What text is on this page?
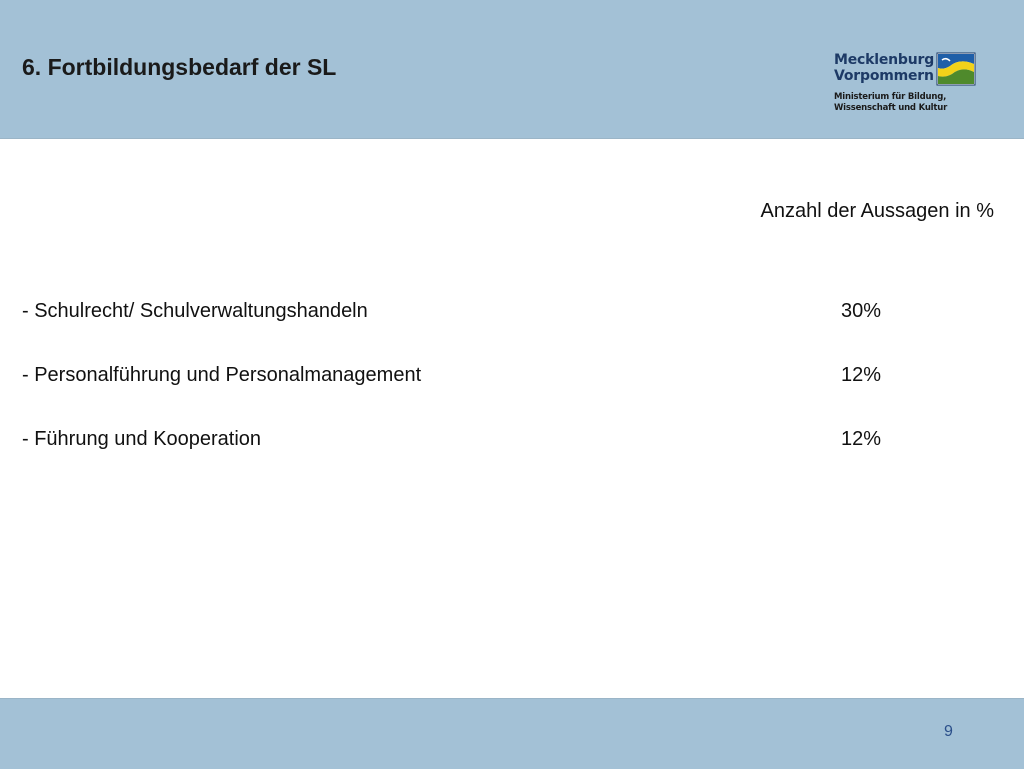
6. Fortbildungsbedarf der SL	Mecklenburg
Vorpommern
Ministerium für Bildung,
Wissenschaft und Kultur
Anzahl der Aussagen in %
- Schulrecht/ Schulverwaltungshandeln	30%
- Personalführung und Personalmanagement	12%
- Führung und Kooperation	12%
9
